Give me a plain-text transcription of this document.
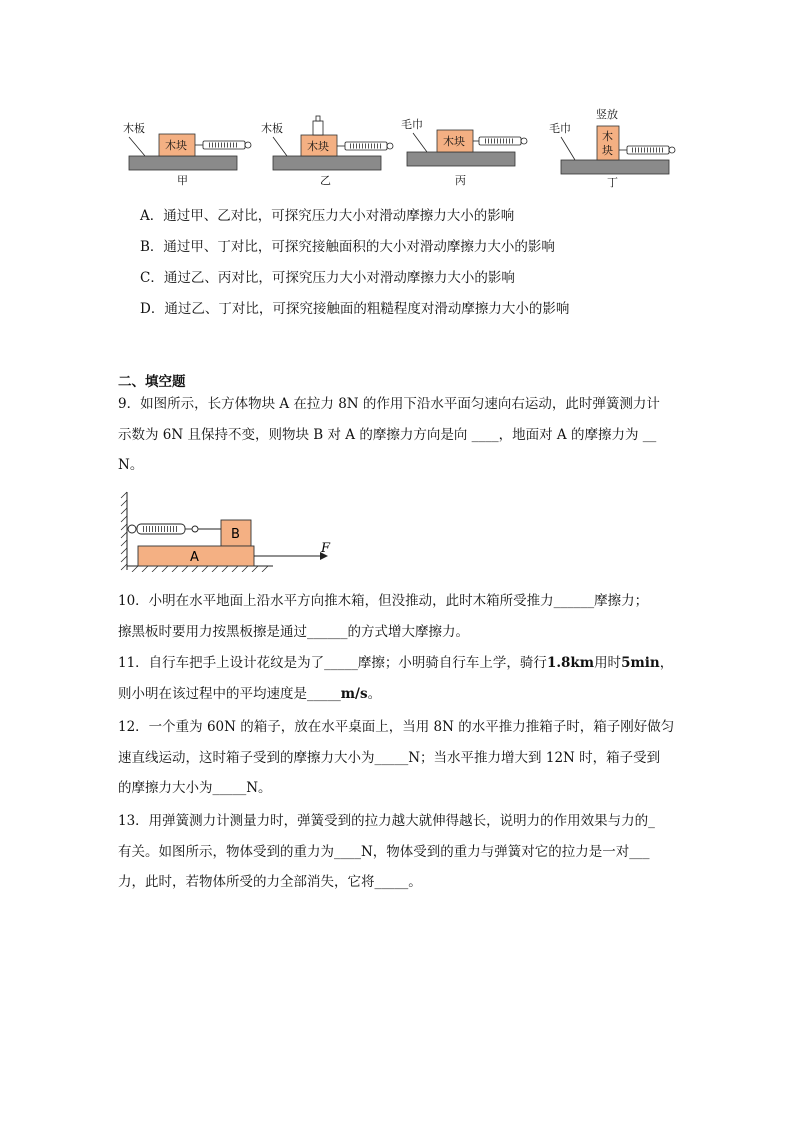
木板
木块
甲
木板
木块
乙
毛巾
木块
丙
竖放
毛巾
木
块
丁
A．通过甲、乙对比，可探究压力大小对滑动摩擦力大小的影响
B．通过甲、丁对比，可探究接触面积的大小对滑动摩擦力大小的影响
C．通过乙、丙对比，可探究压力大小对滑动摩擦力大小的影响
D．通过乙、丁对比，可探究接触面的粗糙程度对滑动摩擦力大小的影响
二、填空题

9．如图所示，长方体物块 A 在拉力 8N 的作用下沿水平面匀速向右运动，此时弹簧测力计

示数为 6N 且保持不变，则物块 B 对 A 的摩擦力方向是向 ____，地面对 A 的摩擦力为 __

N。

B
A
F

10．小明在水平地面上沿水平方向推木箱，但没推动，此时木箱所受推力______摩擦力；

擦黑板时要用力按黑板擦是通过______的方式增大摩擦力。

11．自行车把手上设计花纹是为了_____摩擦；小明骑自行车上学，骑行1.8km用时5min，

则小明在该过程中的平均速度是_____m/s。

12．一个重为 60N 的箱子，放在水平桌面上，当用 8N 的水平推力推箱子时，箱子刚好做匀

速直线运动，这时箱子受到的摩擦力大小为_____N；当水平推力增大到 12N 时，箱子受到

的摩擦力大小为_____N。

13．用弹簧测力计测量力时，弹簧受到的拉力越大就伸得越长，说明力的作用效果与力的_

有关。如图所示，物体受到的重力为____N，物体受到的重力与弹簧对它的拉力是一对___

力，此时，若物体所受的力全部消失，它将_____。
